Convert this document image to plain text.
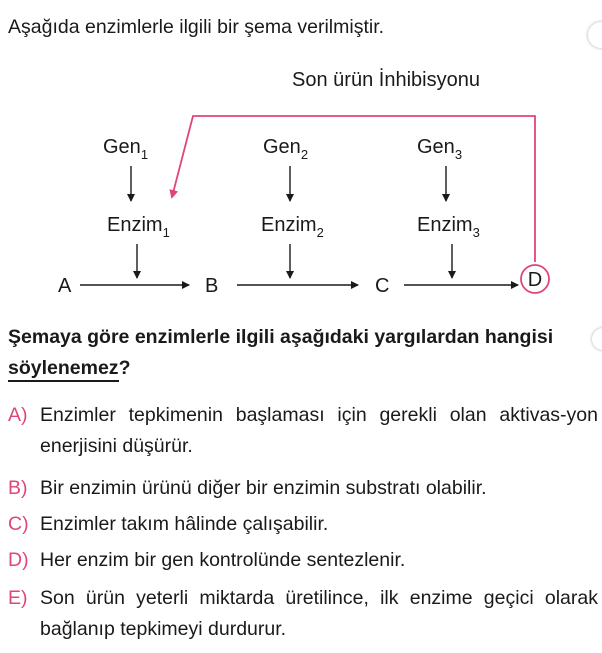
Aşağıda enzimlerle ilgili bir şema verilmiştir.
Son ürün İnhibisyonu
Gen$_1$	Gen$_2$	Gen$_3$
Enzim$_1$	Enzim$_2$	Enzim$_3$
A	B	C	D
Şemaya göre enzimlerle ilgili aşağıdaki yargılardan hangisi söylenemez?
A) Enzimler tepkimenin başlaması için gerekli olan aktivas-yon enerjisini düşürür.
B) Bir enzimin ürünü diğer bir enzimin substratı olabilir.
C) Enzimler takım hâlinde çalışabilir.
D) Her enzim bir gen kontrolünde sentezlenir.
E) Son ürün yeterli miktarda üretilince, ilk enzime geçici olarak bağlanıp tepkimeyi durdurur.
